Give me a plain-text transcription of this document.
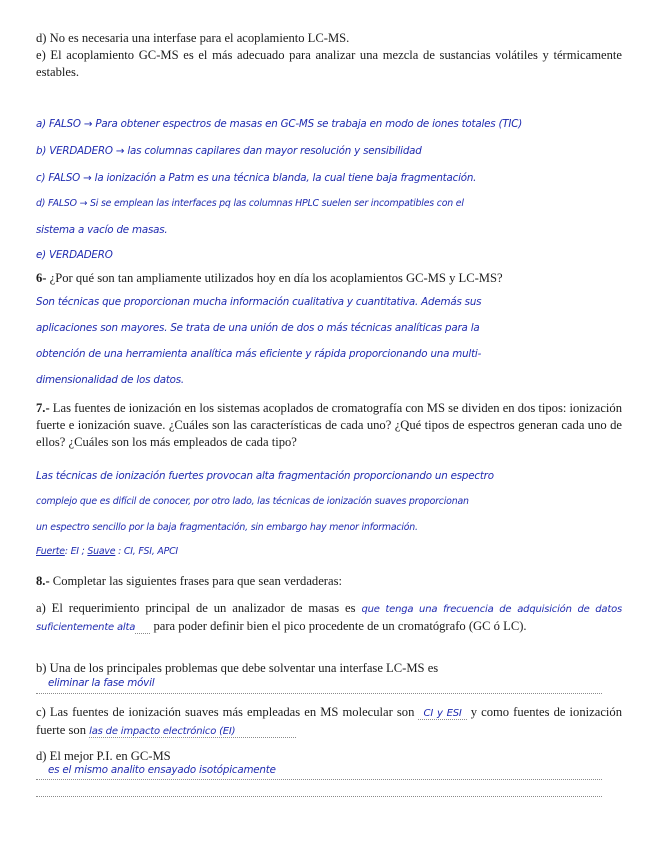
d) No es necesaria una interfase para el acoplamiento LC-MS.
e) El acoplamiento GC-MS es el más adecuado para analizar una mezcla de sustancias volátiles y térmicamente estables.
a) FALSO → Para obtener espectros de masas en GC-MS se trabaja en modo de iones totales (TIC)
b) VERDADERO → las columnas capilares dan mayor resolución y sensibilidad
c) FALSO → la ionización a Patm es una técnica blanda, la cual tiene baja fragmentación.
d) FALSO → Si se emplean las interfaces pq las columnas HPLC suelen ser incompatibles con el
sistema a vacío de masas.
e) VERDADERO
6- ¿Por qué son tan ampliamente utilizados hoy en día los acoplamientos GC-MS y LC-MS?
Son técnicas que proporcionan mucha información cualitativa y cuantitativa. Además sus
aplicaciones son mayores. Se trata de una unión de dos o más técnicas analíticas para la
obtención de una herramienta analítica más eficiente y rápida proporcionando una multi-
dimensionalidad de los datos.
7.- Las fuentes de ionización en los sistemas acoplados de cromatografía con MS se dividen en dos tipos: ionización fuerte e ionización suave. ¿Cuáles son las características de cada uno? ¿Qué tipos de espectros generan cada uno de ellos? ¿Cuáles son los más empleados de cada tipo?
Las técnicas de ionización fuertes provocan alta fragmentación proporcionando un espectro
complejo que es difícil de conocer, por otro lado, las técnicas de ionización suaves proporcionan
un espectro sencillo por la baja fragmentación, sin embargo hay menor información.
Fuerte: EI ; Suave : CI, FSI, APCI
8.- Completar las siguientes frases para que sean verdaderas:
a) El requerimiento principal de un analizador de masas es que tenga una frecuencia de adquisición de datos suficientemente alta       para poder definir bien el pico procedente de un cromatógrafo (GC ó LC).
b) Una de los principales problemas que debe solventar una interfase LC-MS es
eliminar la fase móvil
c) Las fuentes de ionización suaves más empleadas en MS molecular son    CI y ESI   y como fuentes de ionización fuerte son las de impacto electrónico (EI)                        
d) El mejor P.I. en GC-MS
es el mismo analito ensayado isotópicamente
